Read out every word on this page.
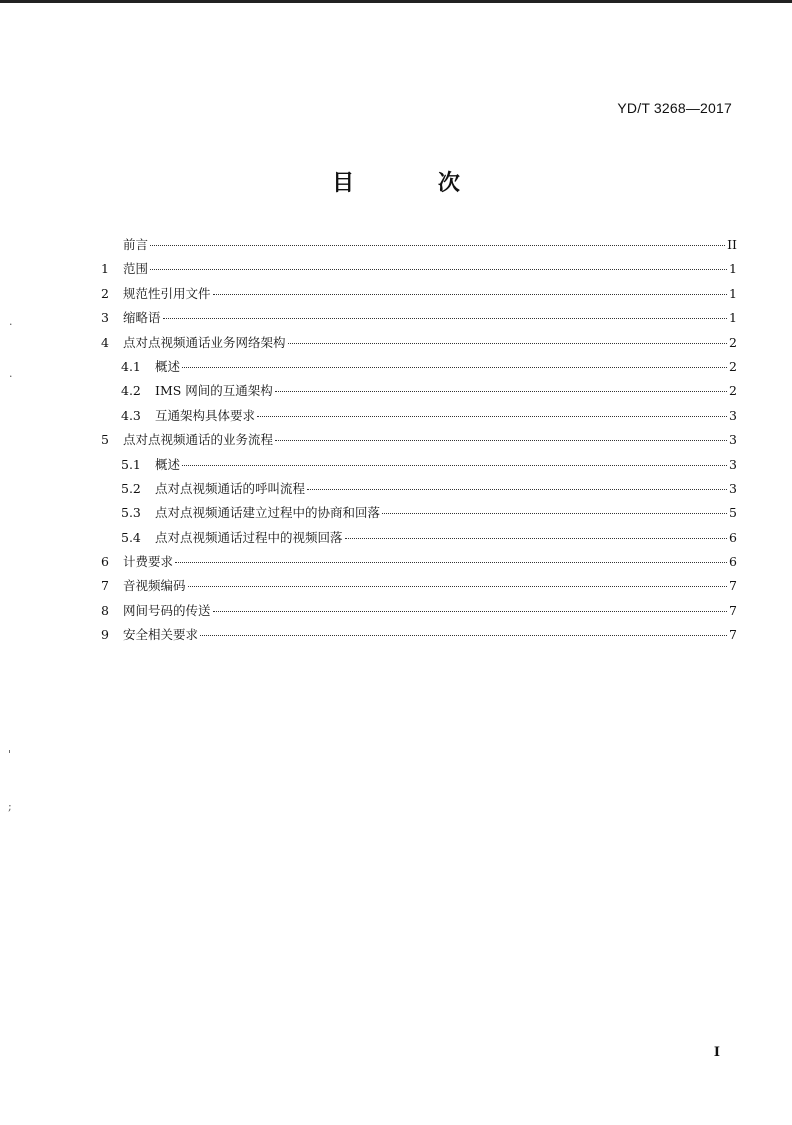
YD/T 3268—2017
目 次
前言	II
1	范围	1
2	规范性引用文件	1
3	缩略语	1
4	点对点视频通话业务网络架构	2
4.1	概述	2
4.2	IMS 网间的互通架构	2
4.3	互通架构具体要求	3
5	点对点视频通话的业务流程	3
5.1	概述	3
5.2	点对点视频通话的呼叫流程	3
5.3	点对点视频通话建立过程中的协商和回落	5
5.4	点对点视频通话过程中的视频回落	6
6	计费要求	6
7	音视频编码	7
8	网间号码的传送	7
9	安全相关要求	7
I
·
·
'
;
